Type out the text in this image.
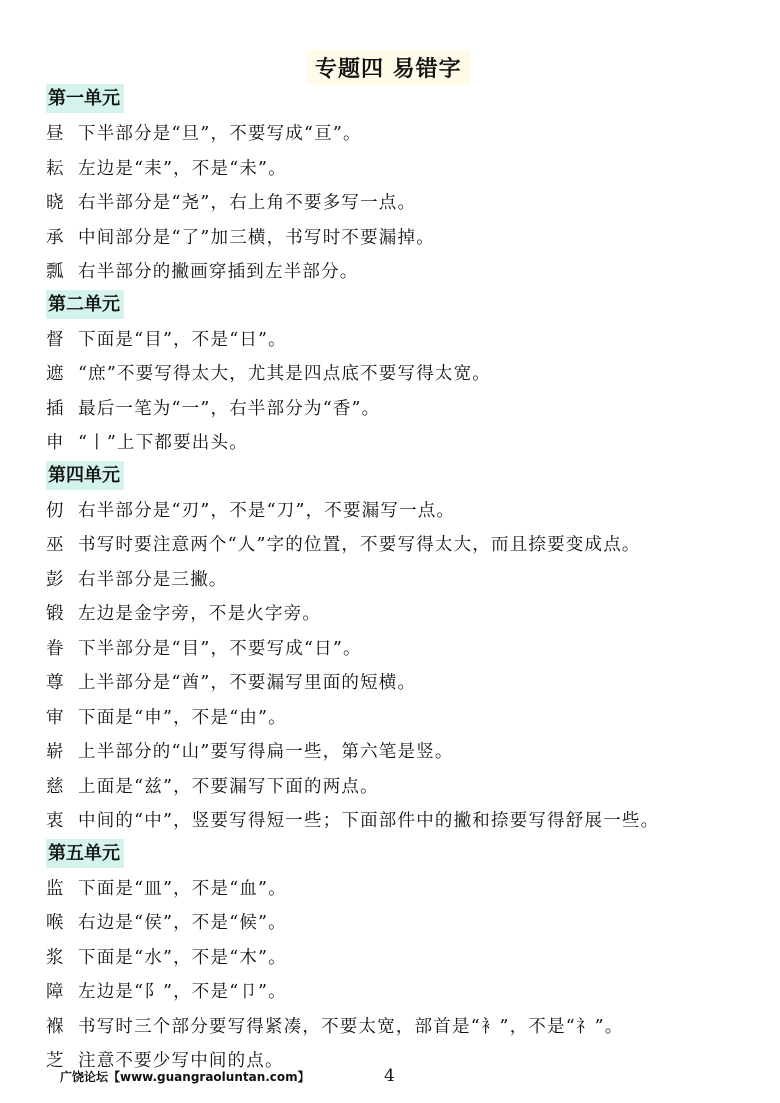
专题四 易错字
第一单元
昼 下半部分是“旦”，不要写成“亘”。
耘 左边是“耒”，不是“未”。
晓 右半部分是“尧”，右上角不要多写一点。
承 中间部分是“了”加三横，书写时不要漏掉。
瓢 右半部分的撇画穿插到左半部分。
第二单元
督 下面是“目”，不是“日”。
遮 “庶”不要写得太大，尤其是四点底不要写得太宽。
插 最后一笔为“一”，右半部分为“香”。
申 “丨”上下都要出头。
第四单元
仞 右半部分是“刃”，不是“刀”，不要漏写一点。
巫 书写时要注意两个“人”字的位置，不要写得太大，而且捺要变成点。
彭 右半部分是三撇。
锻 左边是金字旁，不是火字旁。
眷 下半部分是“目”，不要写成“日”。
尊 上半部分是“酋”，不要漏写里面的短横。
审 下面是“申”，不是“由”。
崭 上半部分的“山”要写得扁一些，第六笔是竖。
慈 上面是“兹”，不要漏写下面的两点。
衷 中间的“中”，竖要写得短一些；下面部件中的撇和捺要写得舒展一些。
第五单元
监 下面是“皿”，不是“血”。
喉 右边是“侯”，不是“候”。
浆 下面是“水”，不是“木”。
障 左边是“阝”，不是“卩”。
褓 书写时三个部分要写得紧凑，不要太宽，部首是“衤”，不是“礻”。
芝 注意不要少写中间的点。
广饶论坛【www.guangraoluntan.com】	4
